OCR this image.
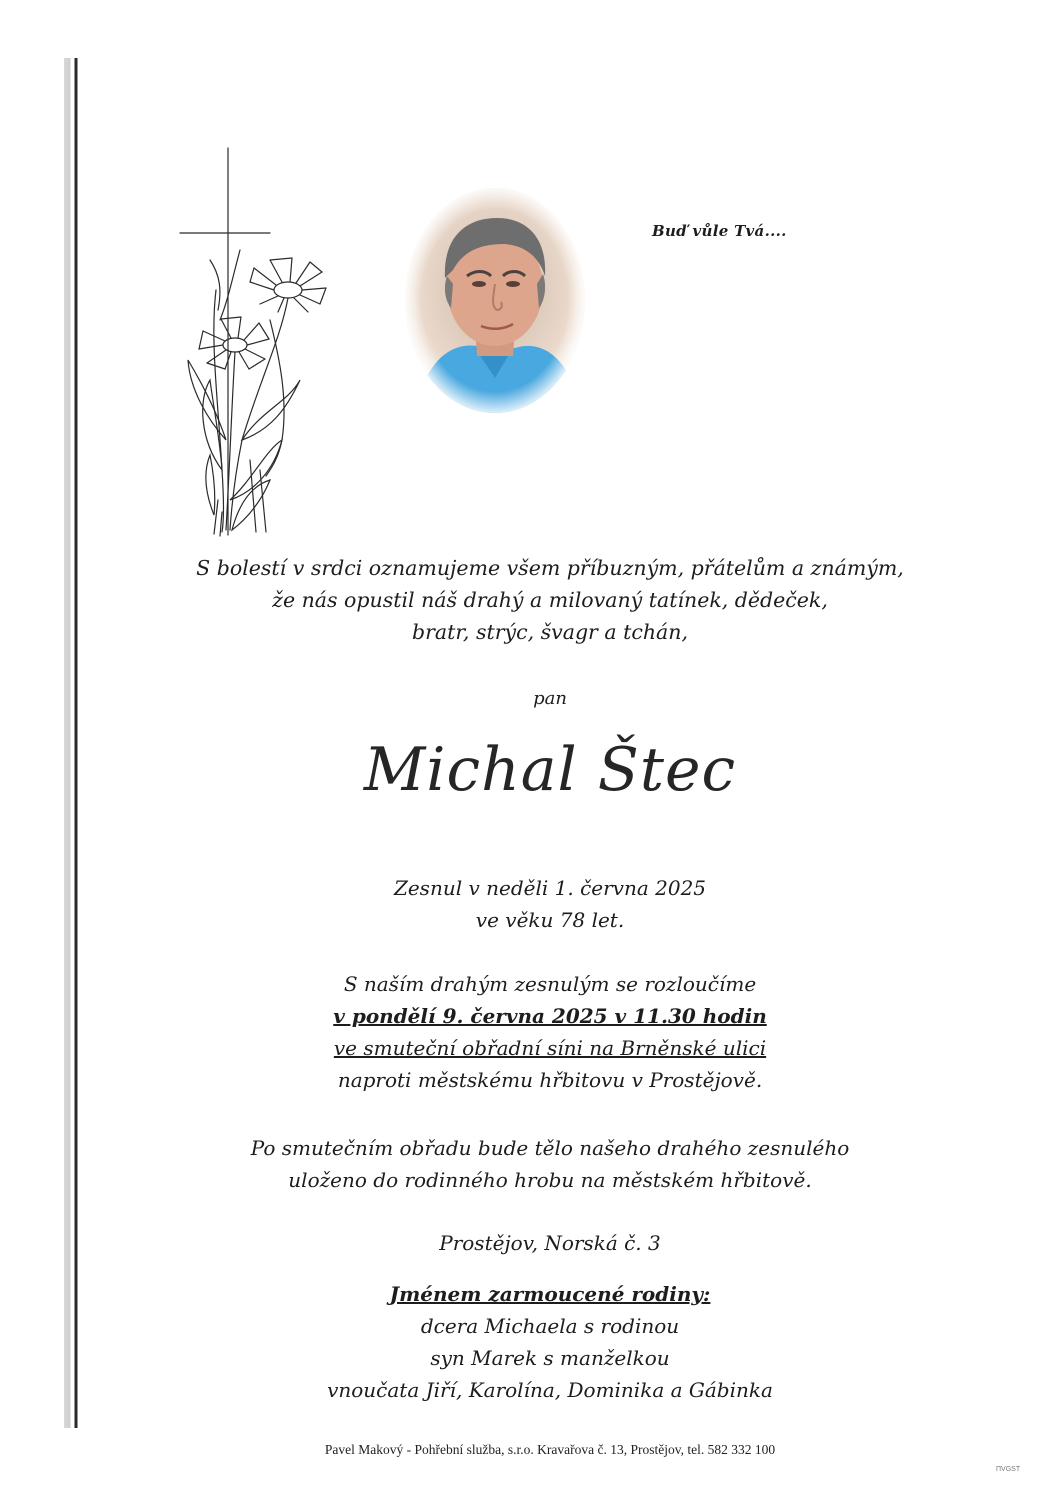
Buď vůle Tvá....
S bolestí v srdci oznamujeme všem příbuzným, přátelům a známým,
že nás opustil náš drahý a milovaný tatínek, dědeček,
bratr, strýc, švagr a tchán,
pan
Michal Štec
Zesnul v neděli 1. června 2025
ve věku 78 let.
S naším drahým zesnulým se rozloučíme
v pondělí 9. června 2025 v 11.30 hodin
ve smuteční obřadní síni na Brněnské ulici
naproti městskému hřbitovu v Prostějově.
Po smutečním obřadu bude tělo našeho drahého zesnulého
uloženo do rodinného hrobu na městském hřbitově.
Prostějov, Norská č. 3
Jménem zarmoucené rodiny:
dcera Michaela s rodinou
syn Marek s manželkou
vnoučata Jiří, Karolína, Dominika a Gábinka
Pavel Makový - Pohřební služba, s.r.o. Kravařova č. 13, Prostějov, tel. 582 332 100
ПVGST
